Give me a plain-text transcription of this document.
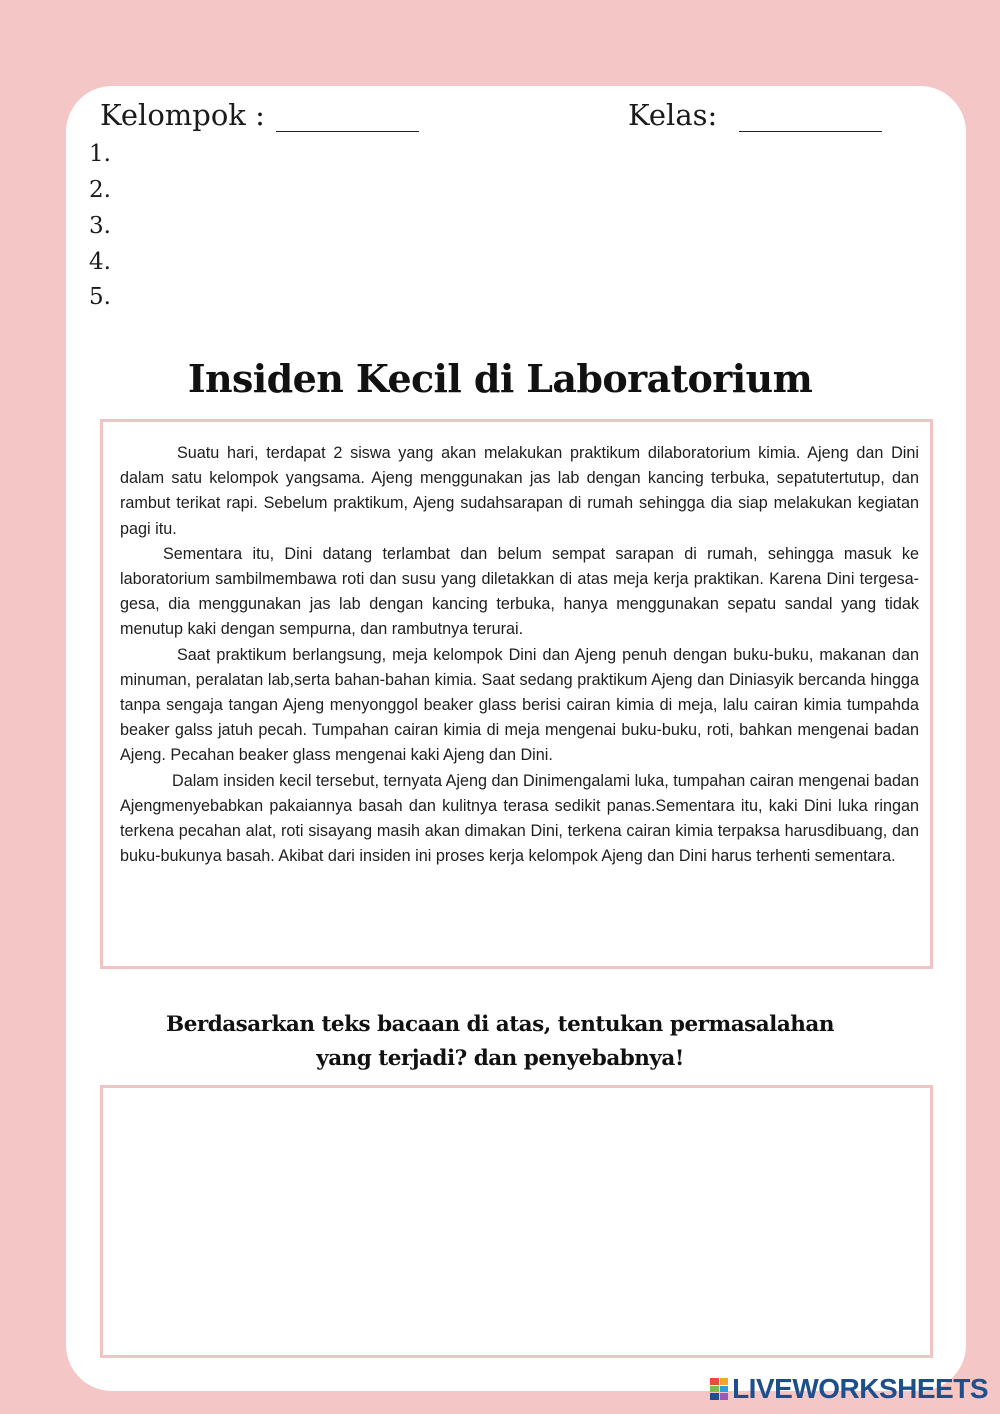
Kelompok :	Kelas:
1.
2.
3.
4.
5.
Insiden Kecil di Laboratorium

Suatu hari, terdapat 2 siswa yang akan melakukan praktikum dilaboratorium kimia. Ajeng dan Dini dalam satu kelompok yangsama. Ajeng menggunakan jas lab dengan kancing terbuka, sepatutertutup, dan rambut terikat rapi. Sebelum praktikum, Ajeng sudahsarapan di rumah sehingga dia siap melakukan kegiatan pagi itu.

Sementara itu, Dini datang terlambat dan belum sempat sarapan di rumah, sehingga masuk ke laboratorium sambilmembawa roti dan susu yang diletakkan di atas meja kerja praktikan. Karena Dini tergesa-gesa, dia menggunakan jas lab dengan kancing terbuka, hanya menggunakan sepatu sandal yang tidak menutup kaki dengan sempurna, dan rambutnya terurai.

Saat praktikum berlangsung, meja kelompok Dini dan Ajeng penuh dengan buku-buku, makanan dan minuman, peralatan lab,serta bahan-bahan kimia. Saat sedang praktikum Ajeng dan Diniasyik bercanda hingga tanpa sengaja tangan Ajeng menyonggol beaker glass berisi cairan kimia di meja, lalu cairan kimia tumpahda beaker galss jatuh pecah. Tumpahan cairan kimia di meja mengenai buku-buku, roti, bahkan mengenai badan Ajeng. Pecahan beaker glass mengenai kaki Ajeng dan Dini.

Dalam insiden kecil tersebut, ternyata Ajeng dan Dinimengalami luka, tumpahan cairan mengenai badan Ajengmenyebabkan pakaiannya basah dan kulitnya terasa sedikit panas.Sementara itu, kaki Dini luka ringan terkena pecahan alat, roti sisayang masih akan dimakan Dini, terkena cairan kimia terpaksa harusdibuang, dan buku-bukunya basah. Akibat dari insiden ini proses kerja kelompok Ajeng dan Dini harus terhenti sementara.

Berdasarkan teks bacaan di atas, tentukan permasalahan
yang terjadi? dan penyebabnya!
LIVEWORKSHEETS
